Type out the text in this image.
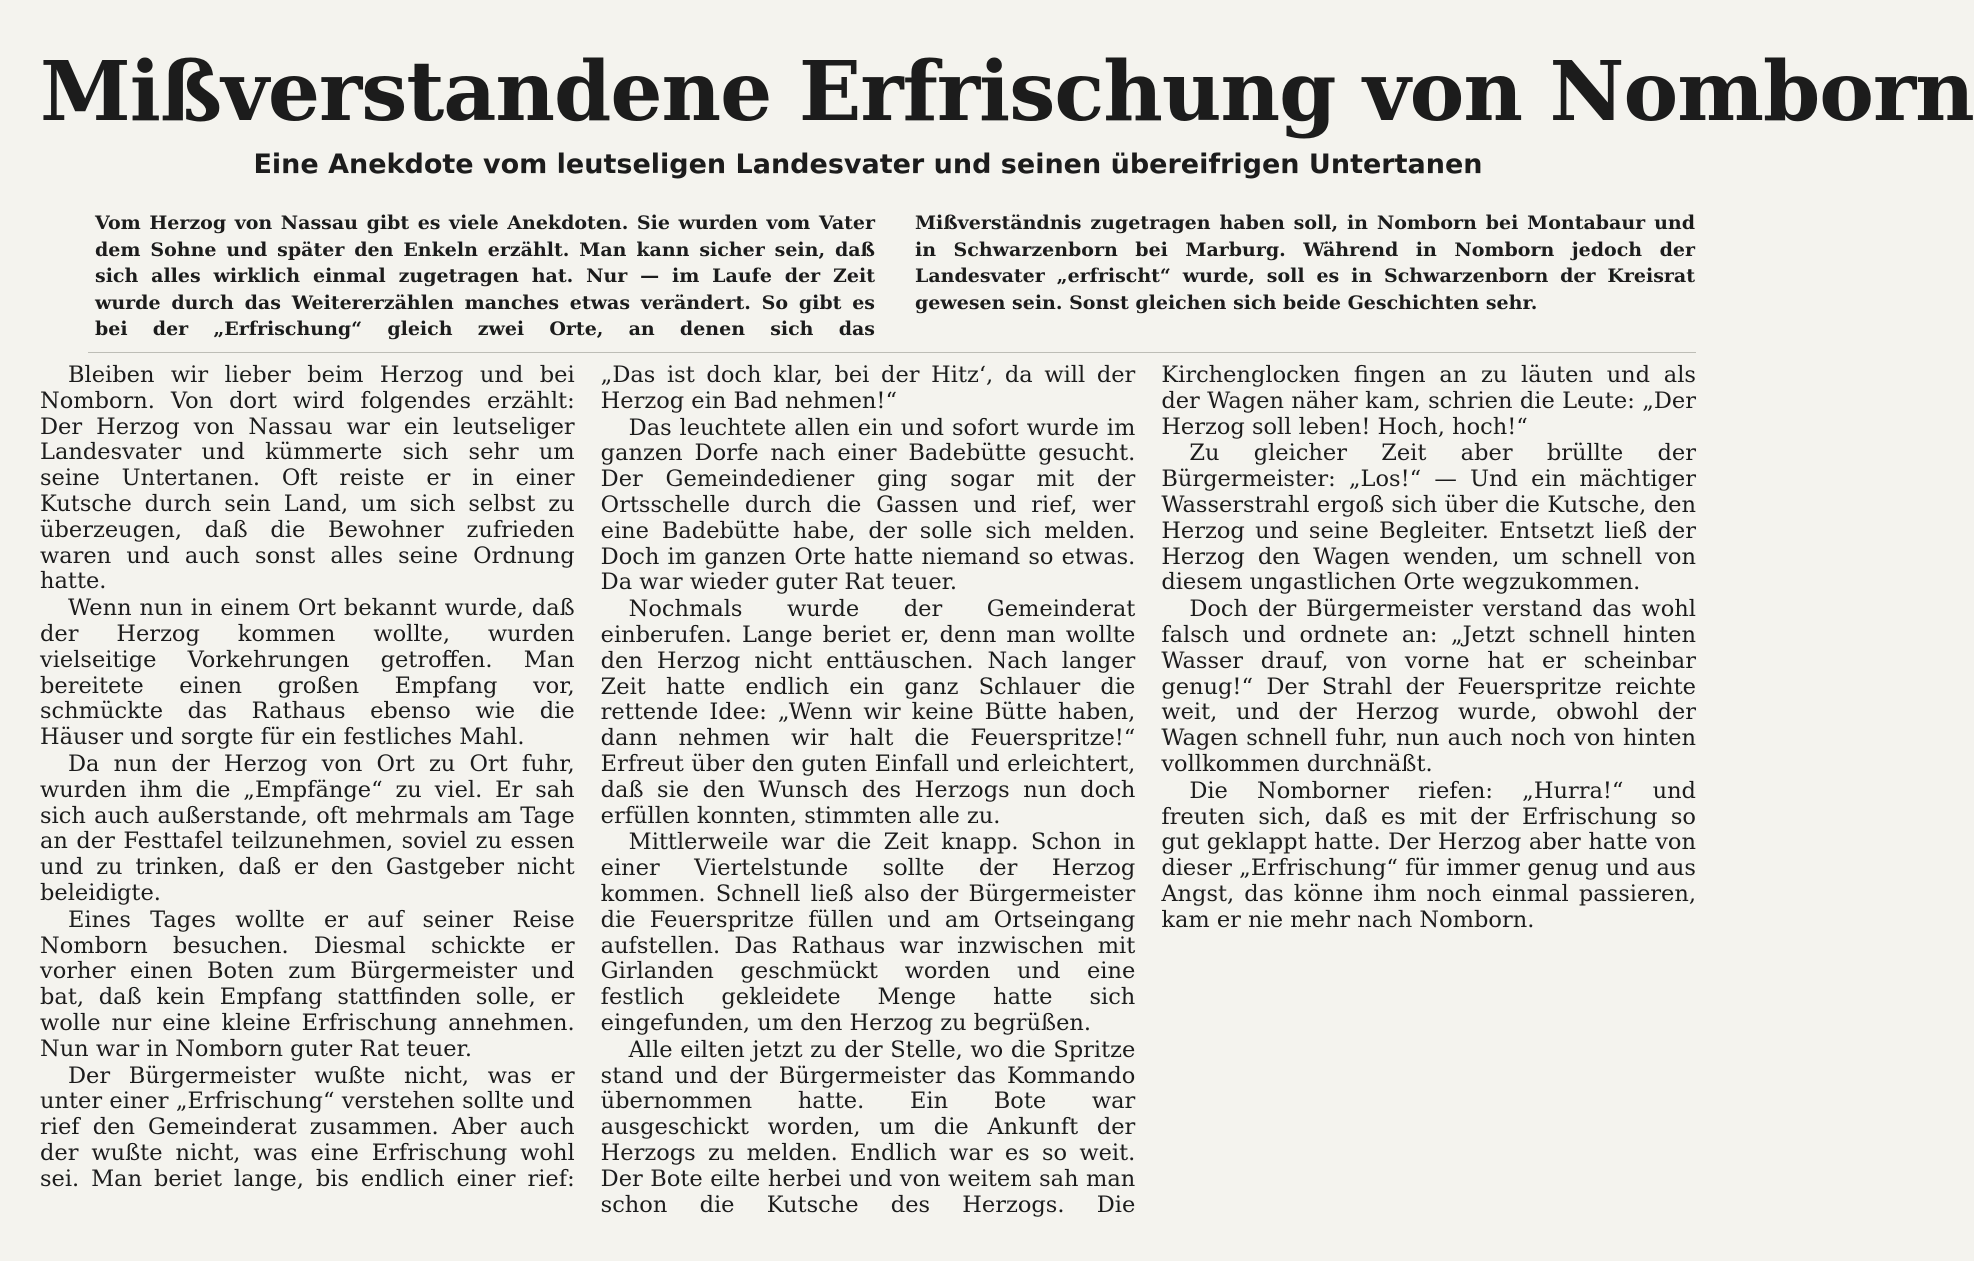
Mißverstandene Erfrischung von Nomborn
Eine Anekdote vom leutseligen Landesvater und seinen übereifrigen Untertanen

Vom Herzog von Nassau gibt es viele Anekdoten. Sie wurden vom Vater dem Sohne und später den Enkeln erzählt. Man kann sicher sein, daß sich alles wirklich einmal zugetragen hat. Nur — im Laufe der Zeit wurde durch das Weitererzählen manches etwas verändert. So gibt es bei der „Erfrischung“ gleich zwei Orte, an denen sich das Mißverständnis zugetragen haben soll, in Nomborn bei Montabaur und in Schwarzenborn bei Marburg. Während in Nomborn jedoch der Landesvater „erfrischt“ wurde, soll es in Schwarzenborn der Kreisrat gewesen sein. Sonst gleichen sich beide Geschichten sehr.

Bleiben wir lieber beim Herzog und bei Nomborn. Von dort wird folgendes erzählt: Der Herzog von Nassau war ein leutseliger Landesvater und kümmerte sich sehr um seine Untertanen. Oft reiste er in einer Kutsche durch sein Land, um sich selbst zu überzeugen, daß die Bewohner zufrieden waren und auch sonst alles seine Ordnung hatte.

Wenn nun in einem Ort bekannt wurde, daß der Herzog kommen wollte, wurden vielseitige Vorkehrungen getroffen. Man bereitete einen großen Empfang vor, schmückte das Rathaus ebenso wie die Häuser und sorgte für ein festliches Mahl.

Da nun der Herzog von Ort zu Ort fuhr, wurden ihm die „Empfänge“ zu viel. Er sah sich auch außerstande, oft mehrmals am Tage an der Festtafel teilzunehmen, soviel zu essen und zu trinken, daß er den Gastgeber nicht beleidigte.

Eines Tages wollte er auf seiner Reise Nomborn besuchen. Diesmal schickte er vorher einen Boten zum Bürgermeister und bat, daß kein Empfang stattfinden solle, er wolle nur eine kleine Erfrischung annehmen. Nun war in Nomborn guter Rat teuer.

Der Bürgermeister wußte nicht, was er unter einer „Erfrischung“ verstehen sollte und rief den Gemeinderat zusammen. Aber auch der wußte nicht, was eine Erfrischung wohl sei. Man beriet lange, bis endlich einer rief: „Das ist doch klar, bei der Hitz‘, da will der Herzog ein Bad nehmen!“

Das leuchtete allen ein und sofort wurde im ganzen Dorfe nach einer Badebütte gesucht. Der Gemeindediener ging sogar mit der Ortsschelle durch die Gassen und rief, wer eine Badebütte habe, der solle sich melden. Doch im ganzen Orte hatte niemand so etwas. Da war wieder guter Rat teuer.

Nochmals wurde der Gemeinderat einberufen. Lange beriet er, denn man wollte den Herzog nicht enttäuschen. Nach langer Zeit hatte endlich ein ganz Schlauer die rettende Idee: „Wenn wir keine Bütte haben, dann nehmen wir halt die Feuerspritze!“ Erfreut über den guten Einfall und erleichtert, daß sie den Wunsch des Herzogs nun doch erfüllen konnten, stimmten alle zu.

Mittlerweile war die Zeit knapp. Schon in einer Viertelstunde sollte der Herzog kommen. Schnell ließ also der Bürgermeister die Feuerspritze füllen und am Ortseingang aufstellen. Das Rathaus war inzwischen mit Girlanden geschmückt worden und eine festlich gekleidete Menge hatte sich eingefunden, um den Herzog zu begrüßen.

Alle eilten jetzt zu der Stelle, wo die Spritze stand und der Bürgermeister das Kommando übernommen hatte. Ein Bote war ausgeschickt worden, um die Ankunft der Herzogs zu melden. Endlich war es so weit. Der Bote eilte herbei und von weitem sah man schon die Kutsche des Herzogs. Die Kirchenglocken fingen an zu läuten und als der Wagen näher kam, schrien die Leute: „Der Herzog soll leben! Hoch, hoch!“

Zu gleicher Zeit aber brüllte der Bürgermeister: „Los!“ — Und ein mächtiger Wasserstrahl ergoß sich über die Kutsche, den Herzog und seine Begleiter. Entsetzt ließ der Herzog den Wagen wenden, um schnell von diesem ungastlichen Orte wegzukommen.

Doch der Bürgermeister verstand das wohl falsch und ordnete an: „Jetzt schnell hinten Wasser drauf, von vorne hat er scheinbar genug!“ Der Strahl der Feuerspritze reichte weit, und der Herzog wurde, obwohl der Wagen schnell fuhr, nun auch noch von hinten vollkommen durchnäßt.

Die Nomborner riefen: „Hurra!“ und freuten sich, daß es mit der Erfrischung so gut geklappt hatte. Der Herzog aber hatte von dieser „Erfrischung“ für immer genug und aus Angst, das könne ihm noch einmal passieren, kam er nie mehr nach Nomborn.
